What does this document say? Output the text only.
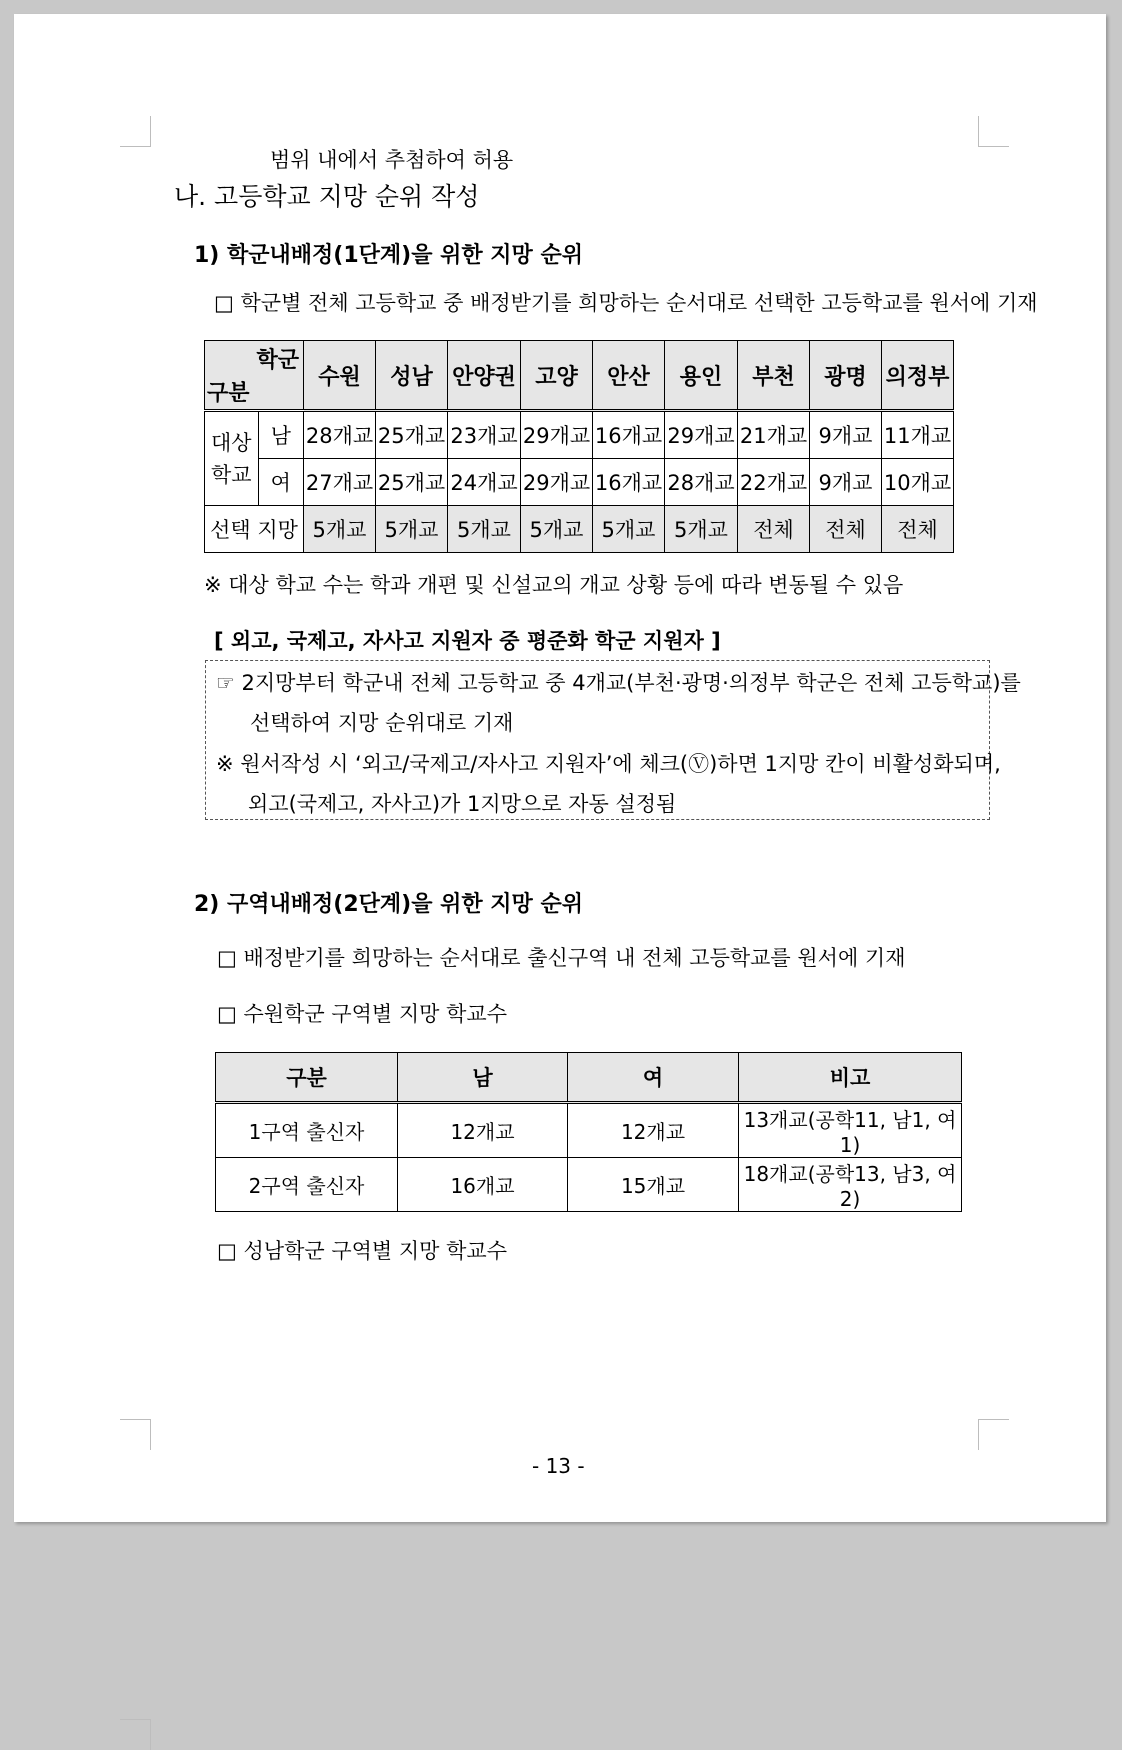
범위 내에서 추첨하여 허용
나. 고등학교 지망 순위 작성
1) 학군내배정(1단계)을 위한 지망 순위
□ 학군별 전체 고등학교 중 배정받기를 희망하는 순서대로 선택한 고등학교를 원서에 기재
학군
구분		수원	성남	안양권	고양	안산	용인	부천	광명	의정부
대상
학교	남	28개교	25개교	23개교	29개교	16개교	29개교	21개교	9개교	11개교
	여	27개교	25개교	24개교	29개교	16개교	28개교	22개교	9개교	10개교
선택 지망		5개교	5개교	5개교	5개교	5개교	5개교	전체	전체	전체
※ 대상 학교 수는 학과 개편 및 신설교의 개교 상황 등에 따라 변동될 수 있음
[ 외고, 국제고, 자사고 지원자 중 평준화 학군 지원자 ]
☞ 2지망부터 학군내 전체 고등학교 중 4개교(부천·광명·의정부 학군은 전체 고등학교)를
선택하여 지망 순위대로 기재
※ 원서작성 시 ‘외고/국제고/자사고 지원자’에 체크(Ⓥ)하면 1지망 칸이 비활성화되며,
외고(국제고, 자사고)가 1지망으로 자동 설정됨
2) 구역내배정(2단계)을 위한 지망 순위
□ 배정받기를 희망하는 순서대로 출신구역 내 전체 고등학교를 원서에 기재
□ 수원학군 구역별 지망 학교수
구분	남	여	비고
1구역 출신자	12개교	12개교	13개교(공학11, 남1, 여1)
2구역 출신자	16개교	15개교	18개교(공학13, 남3, 여2)
□ 성남학군 구역별 지망 학교수
- 13 -
